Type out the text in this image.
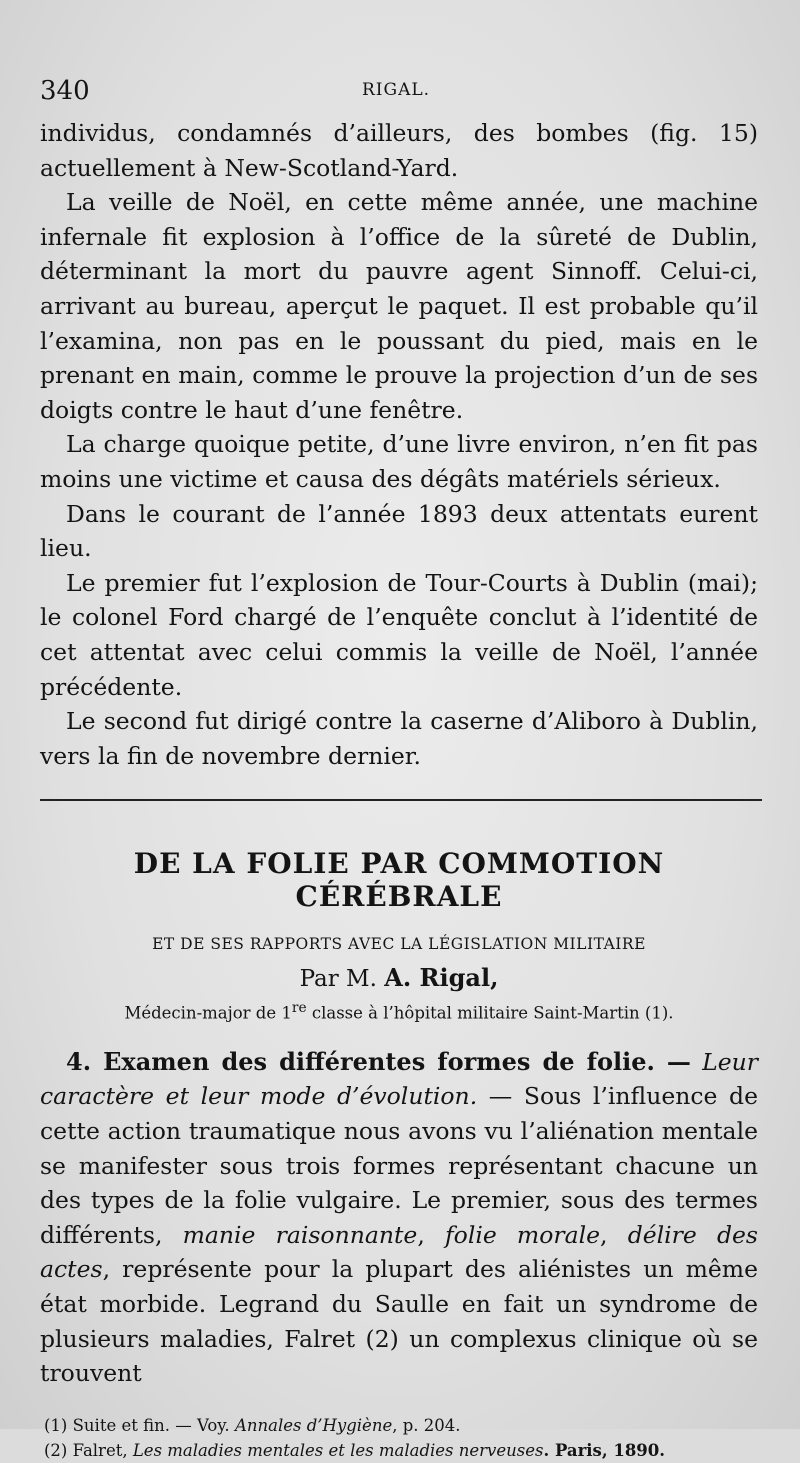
340	RIGAL.

individus, condamnés d’ailleurs, des bombes (fig. 15) actuellement à New-Scotland-Yard.

La veille de Noël, en cette même année, une machine infernale fit explosion à l’office de la sûreté de Dublin, déterminant la mort du pauvre agent Sinnoff. Celui-ci, arrivant au bureau, aperçut le paquet. Il est probable qu’il l’examina, non pas en le poussant du pied, mais en le prenant en main, comme le prouve la projection d’un de ses doigts contre le haut d’une fenêtre.

La charge quoique petite, d’une livre environ, n’en fit pas moins une victime et causa des dégâts matériels sérieux.

Dans le courant de l’année 1893 deux attentats eurent lieu.

Le premier fut l’explosion de Tour-Courts à Dublin (mai); le colonel Ford chargé de l’enquête conclut à l’identité de cet attentat avec celui commis la veille de Noël, l’année précédente.

Le second fut dirigé contre la caserne d’Aliboro à Dublin, vers la fin de novembre dernier.

DE LA FOLIE PAR COMMOTION CÉRÉBRALE
ET DE SES RAPPORTS AVEC LA LÉGISLATION MILITAIRE
Par M. A. Rigal,
Médecin-major de 1re classe à l’hôpital militaire Saint-Martin (1).

4. Examen des différentes formes de folie. — Leur caractère et leur mode d’évolution. — Sous l’influence de cette action traumatique nous avons vu l’aliénation mentale se manifester sous trois formes représentant chacune un des types de la folie vulgaire. Le premier, sous des termes différents, manie raisonnante, folie morale, délire des actes, représente pour la plupart des aliénistes un même état morbide. Legrand du Saulle en fait un syndrome de plusieurs maladies, Falret (2) un complexus clinique où se trouvent

(1) Suite et fin. — Voy. Annales d’Hygiène, p. 204.
(2) Falret, Les maladies mentales et les maladies nerveuses. Paris, 1890.
